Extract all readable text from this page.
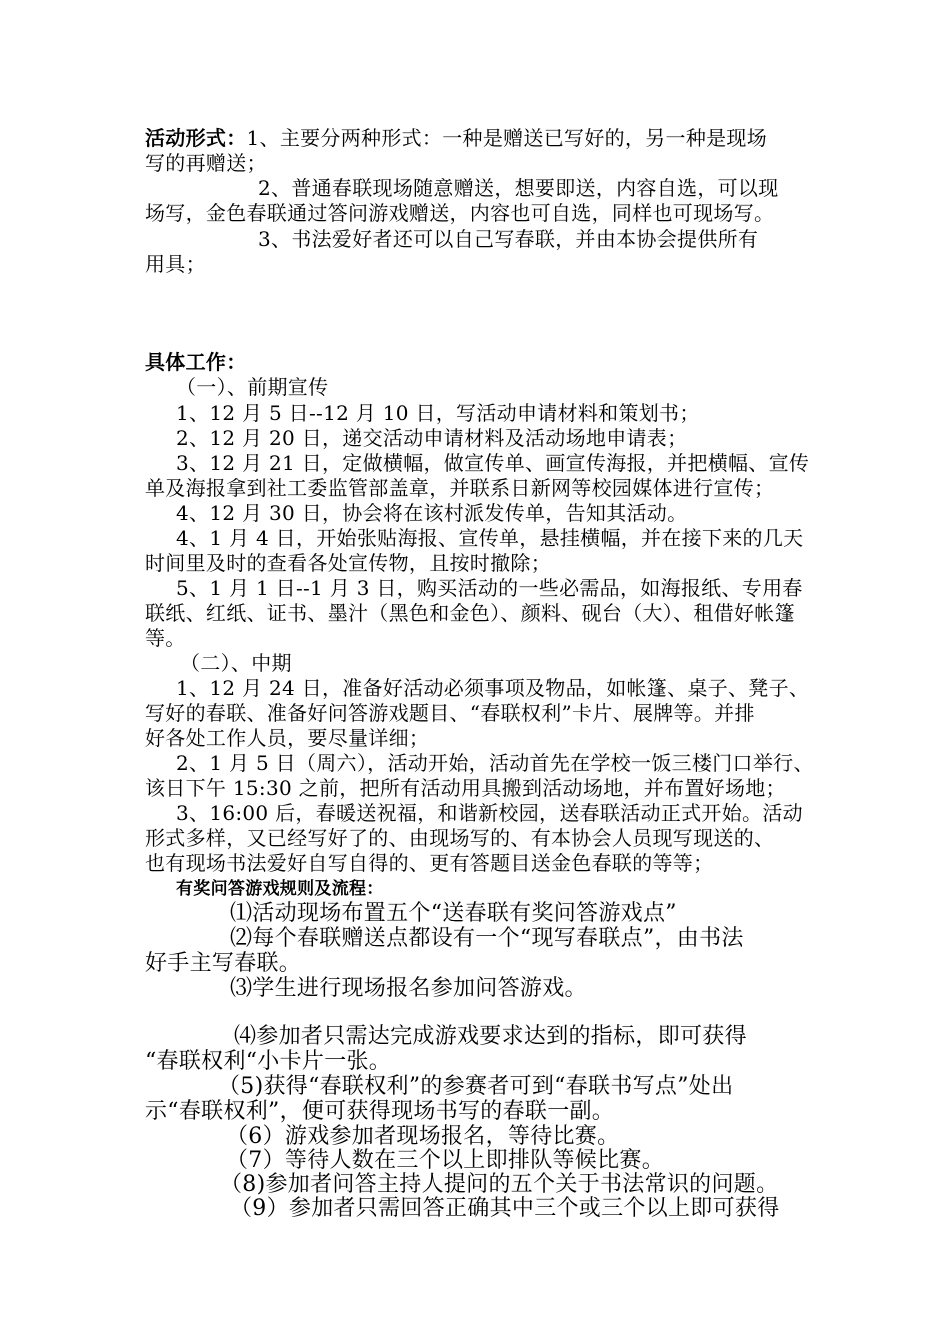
活动形式：1、主要分两种形式：一种是赠送已写好的，另一种是现场
写的再赠送；
2、普通春联现场随意赠送，想要即送，内容自选，可以现
场写，金色春联通过答问游戏赠送，内容也可自选，同样也可现场写。
3、书法爱好者还可以自己写春联，并由本协会提供所有
用具；
具体工作：
（一）、前期宣传
1、12 月 5 日--12 月 10 日，写活动申请材料和策划书；
2、12 月 20 日，递交活动申请材料及活动场地申请表；
3、12 月 21 日，定做横幅，做宣传单、画宣传海报，并把横幅、宣传
单及海报拿到社工委监管部盖章，并联系日新网等校园媒体进行宣传；
4、12 月 30 日，协会将在该村派发传单，告知其活动。
4、1 月 4 日，开始张贴海报、宣传单，悬挂横幅，并在接下来的几天
时间里及时的查看各处宣传物，且按时撤除；
5、1 月 1 日--1 月 3 日，购买活动的一些必需品，如海报纸、专用春
联纸、红纸、证书、墨汁（黑色和金色）、颜料、砚台（大）、租借好帐篷
等。
（二）、中期
1、12 月 24 日，准备好活动必须事项及物品，如帐篷、桌子、凳子、
写好的春联、准备好问答游戏题目、“春联权利”卡片、展牌等。并排
好各处工作人员，要尽量详细；
2、1 月 5 日（周六），活动开始，活动首先在学校一饭三楼门口举行、
该日下午 15:30 之前，把所有活动用具搬到活动场地，并布置好场地；
3、16:00 后，春暖送祝福，和谐新校园，送春联活动正式开始。活动
形式多样，又已经写好了的、由现场写的、有本协会人员现写现送的、
也有现场书法爱好自写自得的、更有答题目送金色春联的等等；
有奖问答游戏规则及流程：
⑴活动现场布置五个“送春联有奖问答游戏点”
⑵每个春联赠送点都设有一个“现写春联点”，由书法
好手主写春联。
⑶学生进行现场报名参加问答游戏。
⑷参加者只需达完成游戏要求达到的指标，即可获得
“春联权利“小卡片一张。
（5)获得“春联权利”的参赛者可到“春联书写点”处出
示“春联权利”，便可获得现场书写的春联一副。
（6）游戏参加者现场报名，等待比赛。
（7）等待人数在三个以上即排队等候比赛。
（8)参加者问答主持人提问的五个关于书法常识的问题。
（9）参加者只需回答正确其中三个或三个以上即可获得
